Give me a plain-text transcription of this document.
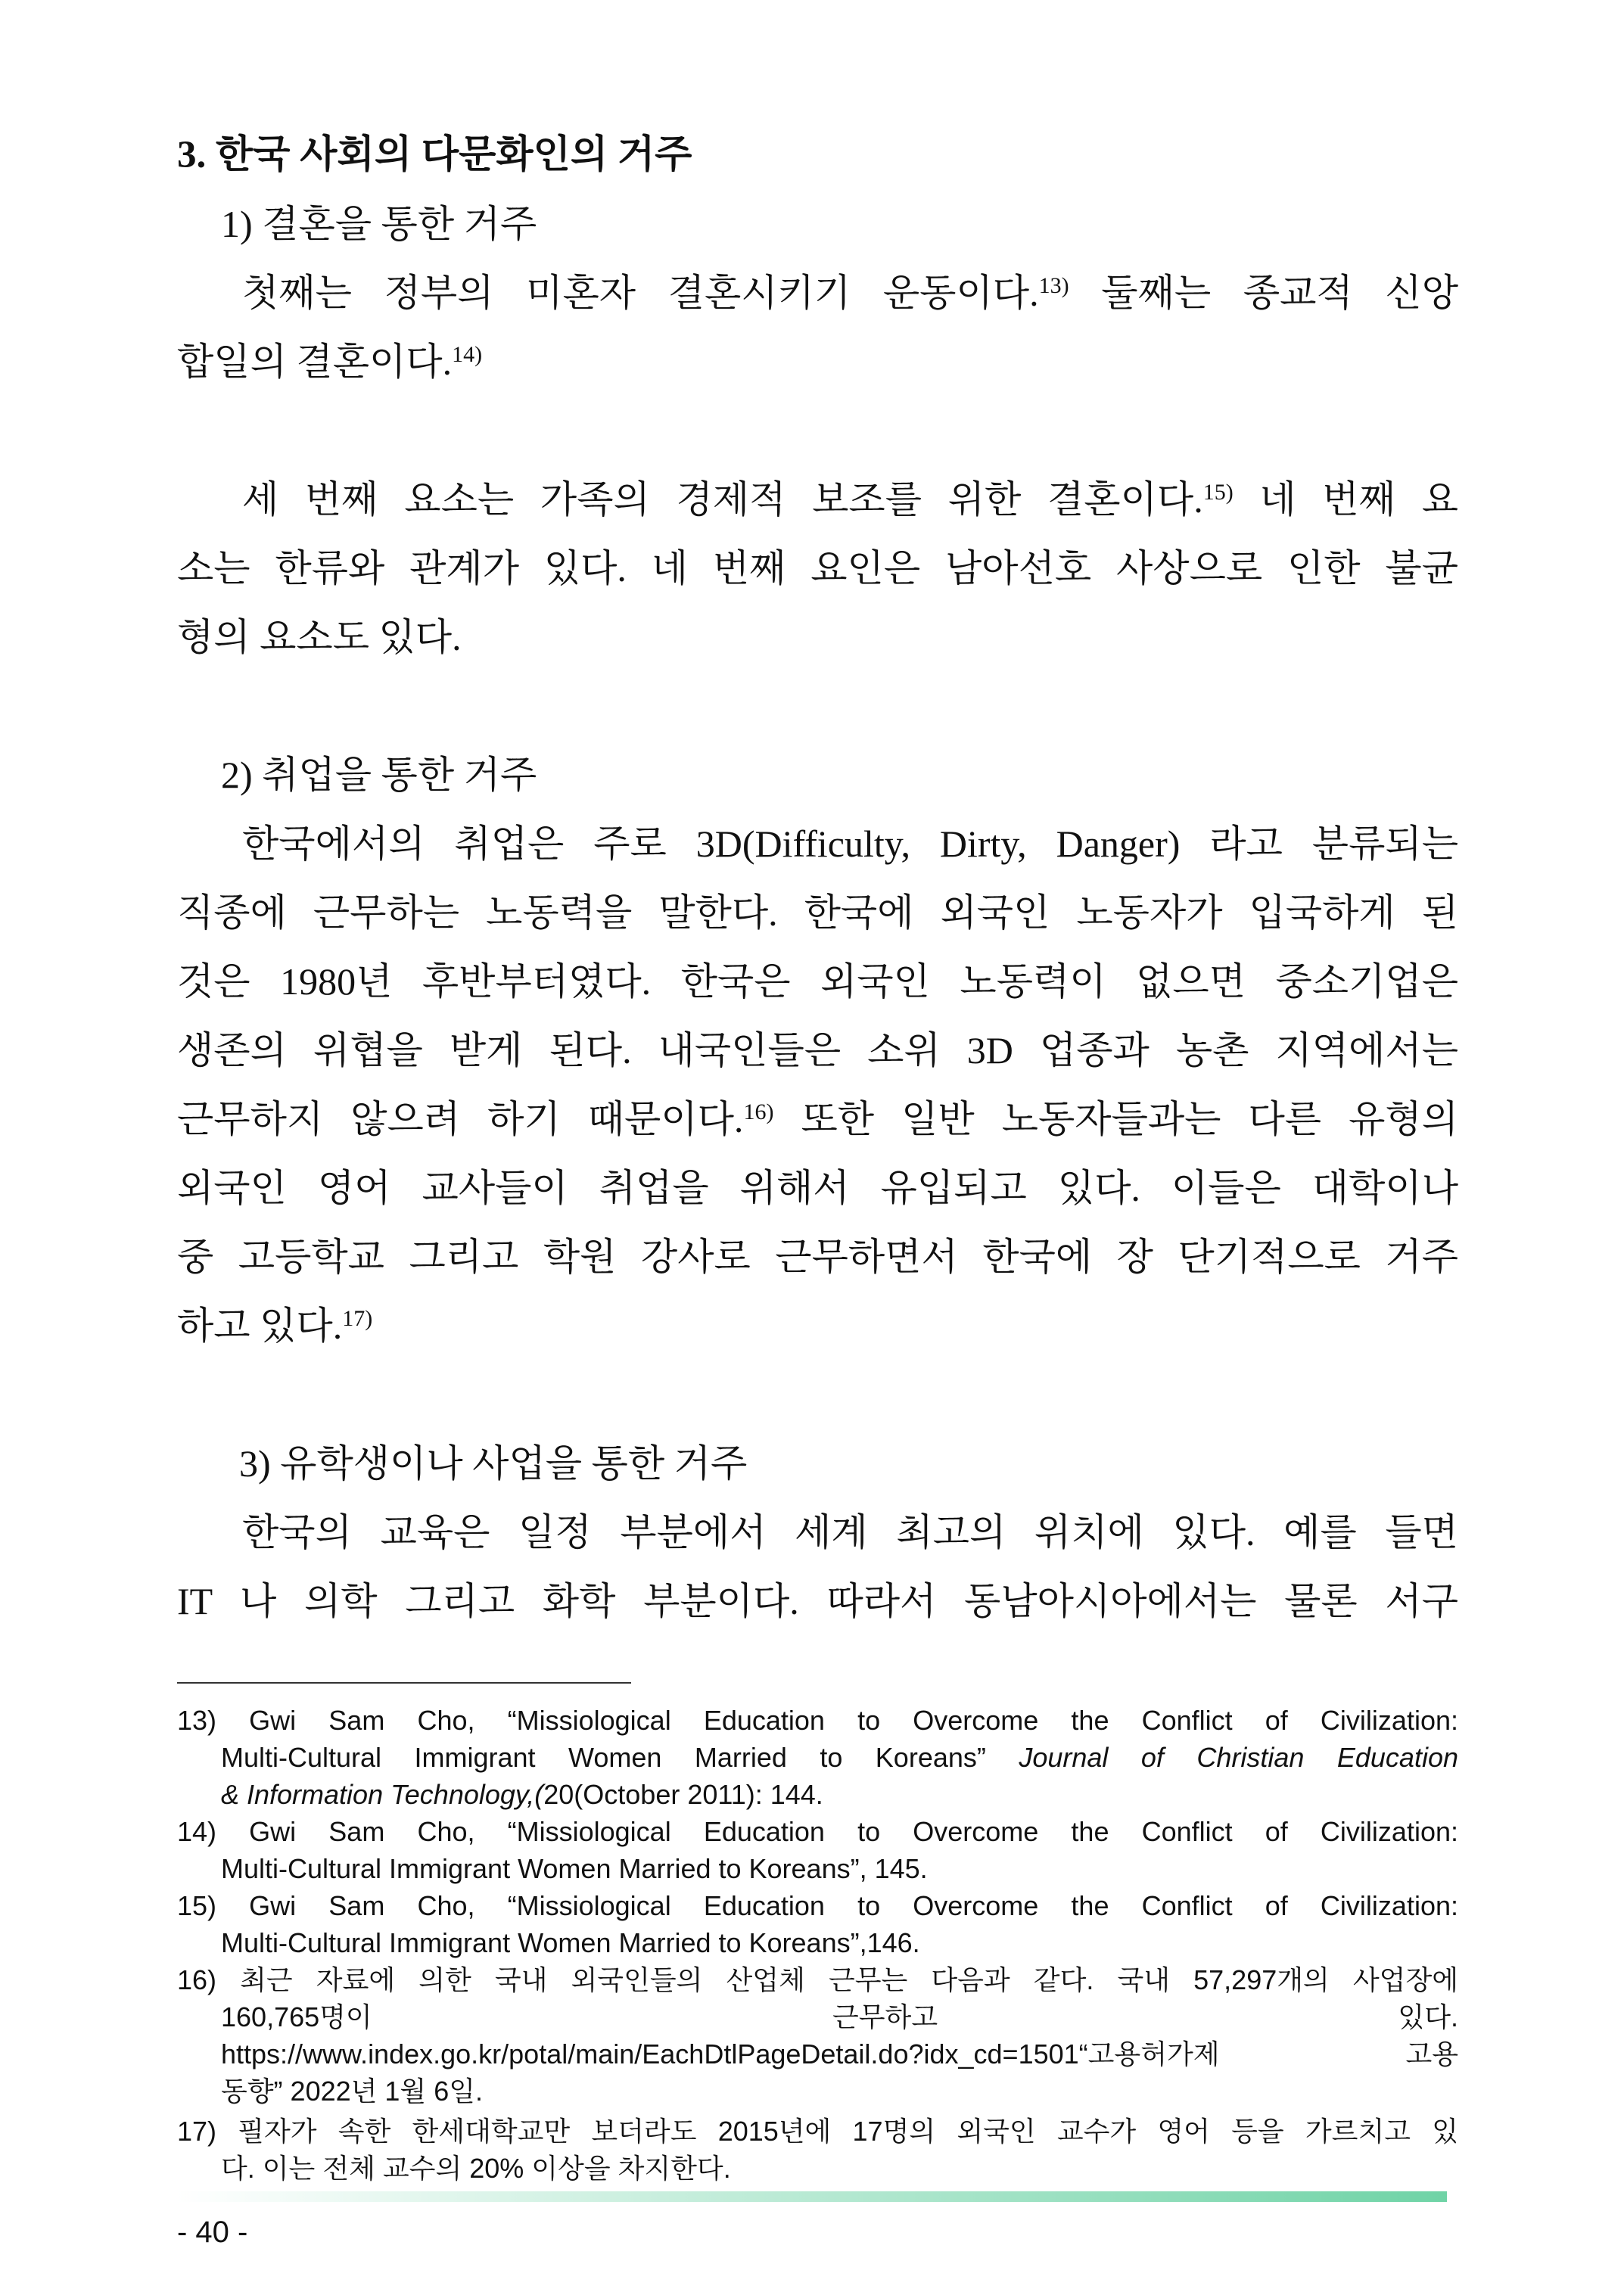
3. 한국 사회의 다문화인의 거주
1) 결혼을 통한 거주
첫째는 정부의 미혼자 결혼시키기 운동이다.$^{13)}$ 둘째는 종교적 신앙
합일의 결혼이다.$^{14)}$
세 번째 요소는 가족의 경제적 보조를 위한 결혼이다.$^{15)}$ 네 번째 요
소는 한류와 관계가 있다. 네 번째 요인은 남아선호 사상으로 인한 불균
형의 요소도 있다.
2) 취업을 통한 거주
한국에서의 취업은 주로 3D(Difficulty, Dirty, Danger) 라고 분류되는
직종에 근무하는 노동력을 말한다. 한국에 외국인 노동자가 입국하게 된
것은 1980년 후반부터였다. 한국은 외국인 노동력이 없으면 중소기업은
생존의 위협을 받게 된다. 내국인들은 소위 3D 업종과 농촌 지역에서는
근무하지 않으려 하기 때문이다.$^{16)}$ 또한 일반 노동자들과는 다른 유형의
외국인 영어 교사들이 취업을 위해서 유입되고 있다. 이들은 대학이나
중 고등학교 그리고 학원 강사로 근무하면서 한국에 장 단기적으로 거주
하고 있다.$^{17)}$
3) 유학생이나 사업을 통한 거주
한국의 교육은 일정 부분에서 세계 최고의 위치에 있다. 예를 들면
IT 나 의학 그리고 화학 부분이다. 따라서 동남아시아에서는 물론 서구
13) Gwi Sam Cho, “Missiological Education to Overcome the Conflict of Civilization:
Multi-Cultural Immigrant Women Married to Koreans” Journal of Christian Education
& Information Technology,(20(October 2011): 144.
14) Gwi Sam Cho, “Missiological Education to Overcome the Conflict of Civilization:
Multi-Cultural Immigrant Women Married to Koreans”, 145.
15) Gwi Sam Cho, “Missiological Education to Overcome the Conflict of Civilization:
Multi-Cultural Immigrant Women Married to Koreans”,146.
16) 최근 자료에 의한 국내 외국인들의 산업체 근무는 다음과 같다. 국내 57,297개의 사업장에
160,765명이 근무하고 있다.
https://www.index.go.kr/potal/main/EachDtlPageDetail.do?idx_cd=1501“고용허가제 고용
동향” 2022년 1월 6일.
17) 필자가 속한 한세대학교만 보더라도 2015년에 17명의 외국인 교수가 영어 등을 가르치고 있
다. 이는 전체 교수의 20% 이상을 차지한다.
- 40 -
